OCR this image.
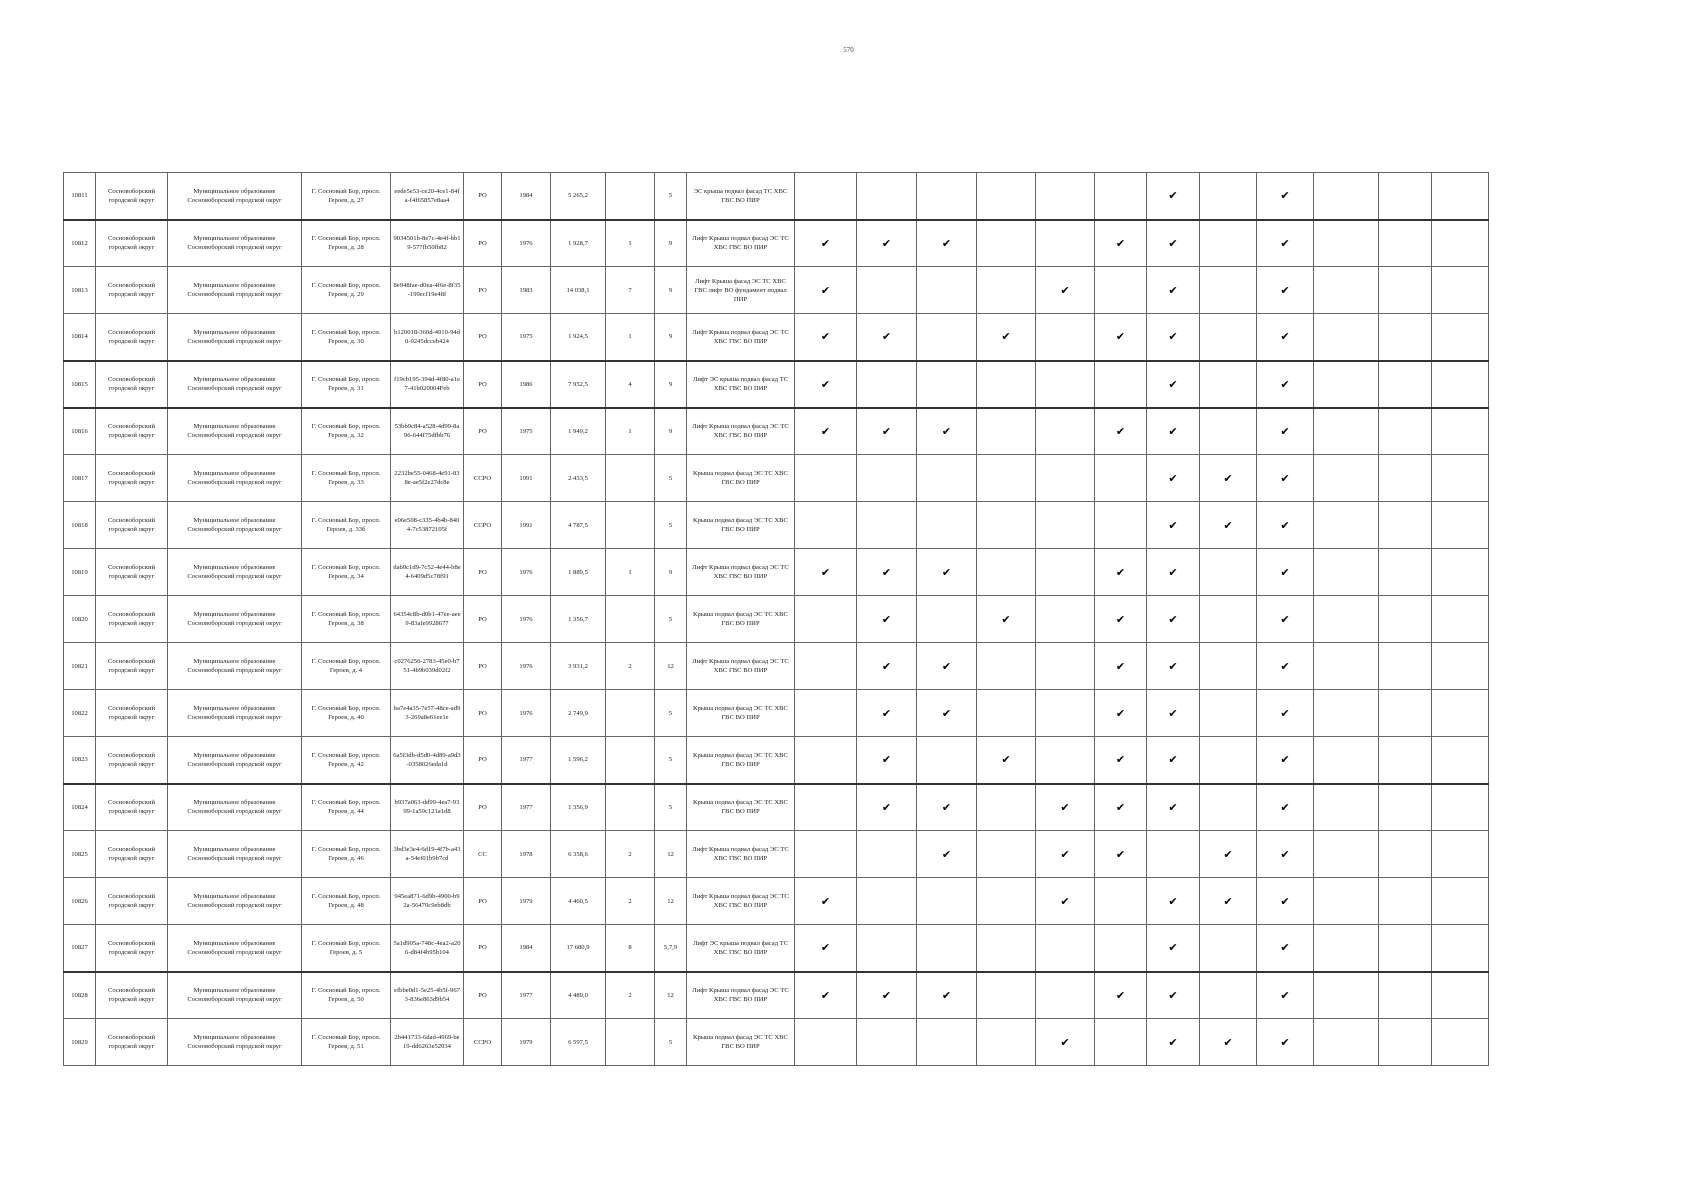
570
10811	Сосновоборский городской округ	Муниципальное образование Сосновоборский городской округ	Г. Сосновый Бор, просп. Героев, д. 27	eede5e53-ce20-4ce1-84fa-f4f65857e8aa4	РО	1984	5 265,2		5	ЭС крыша подвал фасад ТС ХВС ГВС ВО ПИР							✔		✔			
10812	Сосновоборский городской округ	Муниципальное образование Сосновоборский городской округ	Г. Сосновый Бор, просп. Героев, д. 28	9034501b-8e7c-4e4f-bb19-577fb50fb82	РО	1976	1 928,7	1	9	Лифт Крыша подвал фасад ЭС ТС ХВС ГВС ВО ПИР	✔	✔	✔			✔	✔		✔			
10813	Сосновоборский городской округ	Муниципальное образование Сосновоборский городской округ	Г. Сосновый Бор, просп. Героев, д. 29	8e948fae-d0ea-4f6e-8f35-199ecf19e48f	РО	1983	14 038,1	7	9	Лифт Крыша фасад ЭС ТС ХВС ГВС лифт ВО фундамент подвал ПИР	✔				✔		✔		✔			
10814	Сосновоборский городской округ	Муниципальное образование Сосновоборский городской округ	Г. Сосновый Бор, просп. Героев, д. 30	b120018-360d-4910-94d0-9245dcceb424	РО	1975	1 924,5	1	9	Лифт Крыша подвал фасад ЭС ТС ХВС ГВС ВО ПИР	✔	✔		✔		✔	✔		✔			
10815	Сосновоборский городской округ	Муниципальное образование Сосновоборский городской округ	Г. Сосновый Бор, просп. Героев, д. 31	f19cb195-394d-4f80-a1e7-41b020004Feb	РО	1986	7 952,5	4	9	Лифт ЭС крыша подвал фасад ТС ХВС ГВС ВО ПИР	✔						✔		✔			
10816	Сосновоборский городской округ	Муниципальное образование Сосновоборский городской округ	Г. Сосновый Бор, просп. Героев, д. 32	53bb9c84-a528-4d99-8a96-644f75dfbb76	РО	1975	1 949,2	1	9	Лифт Крыша подвал фасад ЭС ТС ХВС ГВС ВО ПИР	✔	✔	✔			✔	✔		✔			
10817	Сосновоборский городской округ	Муниципальное образование Сосновоборский городской округ	Г. Сосновый Бор, просп. Героев, д. 33	2232be55-0468-4e91-838e-ae5f2e27dc8e	ССРО	1991	2 433,5		5	Крыша подвал фасад ЭС ТС ХВС ГВС ВО ПИР							✔	✔	✔			
10818	Сосновоборский городской округ	Муниципальное образование Сосновоборский городской округ	Г. Сосновый Бор, просп. Героев, д. 33б	e06e508-c335-4b4b-8404-7c53872105f	ССРО	1991	4 787,5		5	Крыша подвал фасад ЭС ТС ХВС ГВС ВО ПИР							✔	✔	✔			
10819	Сосновоборский городской округ	Муниципальное образование Сосновоборский городской округ	Г. Сосновый Бор, просп. Героев, д. 34	dab0c1d9-7c52-4e44-b8e4-6409d5c78f91	РО	1976	1 889,5	1	9	Лифт Крыша подвал фасад ЭС ТС ХВС ГВС ВО ПИР	✔	✔	✔			✔	✔		✔			
10820	Сосновоборский городской округ	Муниципальное образование Сосновоборский городской округ	Г. Сосновый Бор, просп. Героев, д. 38	64354c8b-d0b1-47ee-aee9-83afe9928677	РО	1976	1 356,7		5	Крыша подвал фасад ЭС ТС ХВС ГВС ВО ПИР		✔		✔		✔	✔		✔			
10821	Сосновоборский городской округ	Муниципальное образование Сосновоборский городской округ	Г. Сосновый Бор, просп. Героев, д. 4	c0276256-2783-45e0-b751-4b9b039d02f2	РО	1976	3 931,2	2	12	Лифт Крыша подвал фасад ЭС ТС ХВС ГВС ВО ПИР		✔	✔			✔	✔		✔			
10822	Сосновоборский городской округ	Муниципальное образование Сосновоборский городской округ	Г. Сосновый Бор, просп. Героев, д. 40	ba7e4a35-7e57-48ce-ad93-269a8e61ee1e	РО	1976	2 749,9		5	Крыша подвал фасад ЭС ТС ХВС ГВС ВО ПИР		✔	✔			✔	✔		✔			
10823	Сосновоборский городской округ	Муниципальное образование Сосновоборский городской округ	Г. Сосновый Бор, просп. Героев, д. 42	6a5f3db-d5d0-4d89-a9d3-0358026eda1d	РО	1977	1 596,2		5	Крыша подвал фасад ЭС ТС ХВС ГВС ВО ПИР		✔		✔		✔	✔		✔			
10824	Сосновоборский городской округ	Муниципальное образование Сосновоборский городской округ	Г. Сосновый Бор, просп. Героев, д. 44	b937a063-dd99-4ea7-9399-1a59c121a1d8	РО	1977	1 356,9		5	Крыша подвал фасад ЭС ТС ХВС ГВС ВО ПИР		✔	✔		✔	✔	✔		✔			
10825	Сосновоборский городской округ	Муниципальное образование Сосновоборский городской округ	Г. Сосновый Бор, просп. Героев, д. 46	3bd3e3e4-6d19-4f7b-a43a-54ef01b9b7cd	СС	1978	6 358,6	2	12	Лифт Крыша подвал фасад ЭС ТС ХВС ГВС ВО ПИР			✔		✔	✔		✔	✔			
10826	Сосновоборский городской округ	Муниципальное образование Сосновоборский городской округ	Г. Сосновый Бор, просп. Героев, д. 48	945ea871-6d9b-4900-b92a-56470c9eb8db	РО	1979	4 460,5	2	12	Лифт Крыша подвал фасад ЭС ТС ХВС ГВС ВО ПИР	✔				✔		✔	✔	✔			
10827	Сосновоборский городской округ	Муниципальное образование Сосновоборский городской округ	Г. Сосновый Бор, просп. Героев, д. 5	5a1d905a-748c-4ea2-a206-d84f4b95b104	РО	1984	17 680,9	8	5,7,9	Лифт ЭС крыша подвал фасад ТС ХВС ГВС ВО ПИР	✔						✔		✔			
10828	Сосновоборский городской округ	Муниципальное образование Сосновоборский городской округ	Г. Сосновый Бор, просп. Героев, д. 50	efbbe0d1-5e25-4b5f-9673-836e863d9b54	РО	1977	4 489,0	2	12	Лифт Крыша подвал фасад ЭС ТС ХВС ГВС ВО ПИР	✔	✔	✔			✔	✔		✔			
10829	Сосновоборский городской округ	Муниципальное образование Сосновоборский городской округ	Г. Сосновый Бор, просп. Героев, д. 51	2b441733-6dad-4969-be19-dd6263e52034	ССРО	1979	6 597,5		5	Крыша подвал фасад ЭС ТС ХВС ГВС ВО ПИР					✔		✔	✔	✔			
